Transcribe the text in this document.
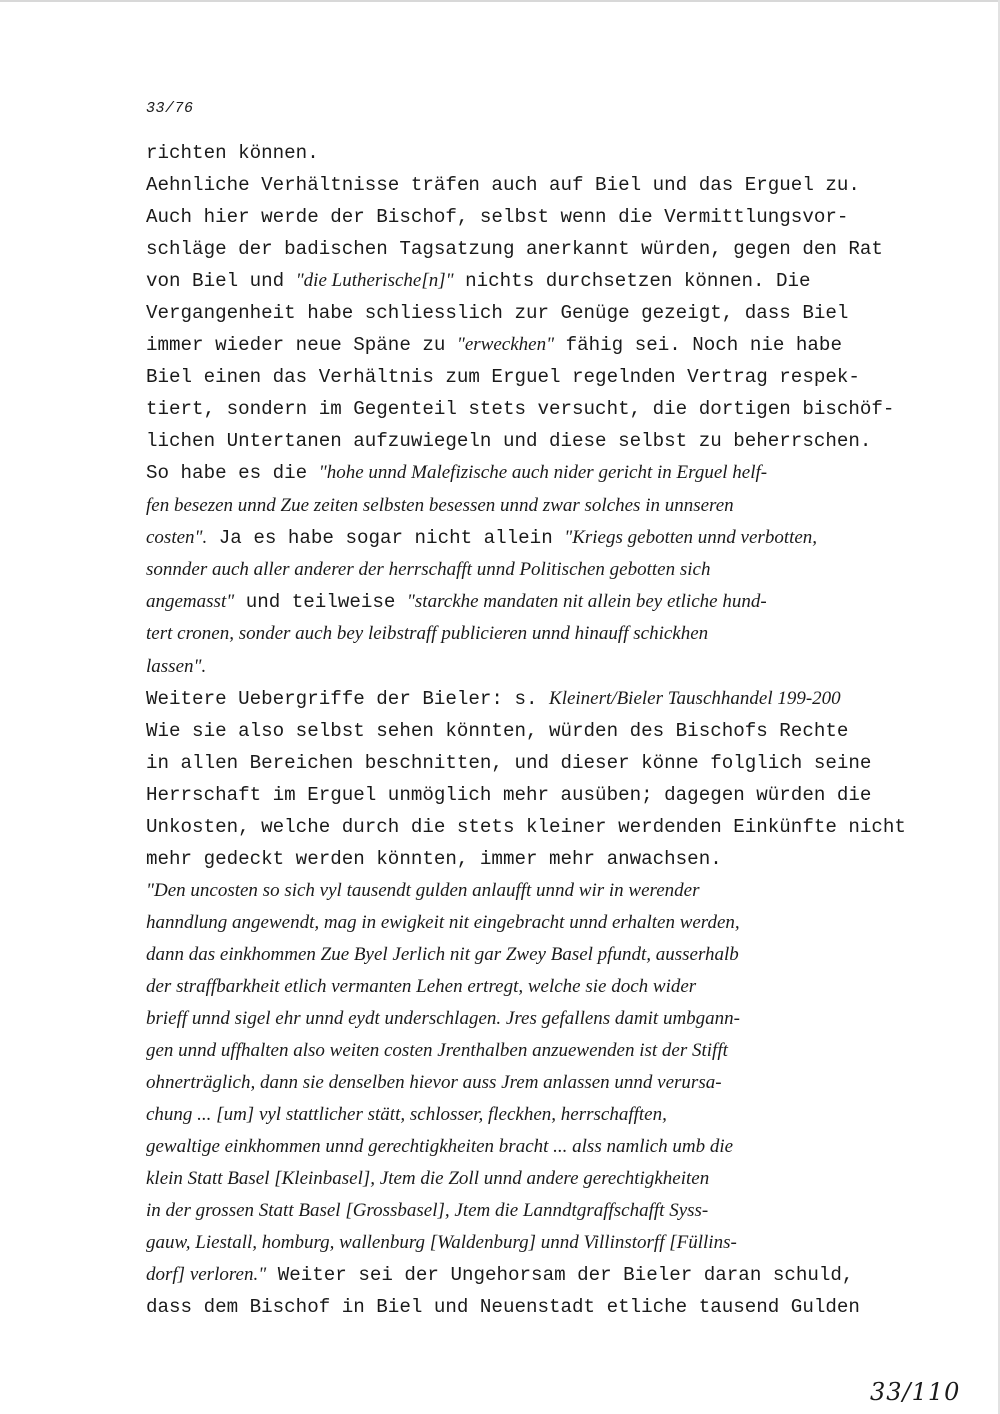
33/76
richten können.
Aehnliche Verhältnisse träfen auch auf Biel und das Erguel zu.
Auch hier werde der Bischof, selbst wenn die Vermittlungsvor-
schläge der badischen Tagsatzung anerkannt würden, gegen den Rat
von Biel und "die Lutherische[n]" nichts durchsetzen können. Die
Vergangenheit habe schliesslich zur Genüge gezeigt, dass Biel
immer wieder neue Späne zu "erweckhen" fähig sei. Noch nie habe
Biel einen das Verhältnis zum Erguel regelnden Vertrag respek-
tiert, sondern im Gegenteil stets versucht, die dortigen bischöf-
lichen Untertanen aufzuwiegeln und diese selbst zu beherrschen.
So habe es die "hohe unnd Malefizische auch nider gericht in Erguel helf-
fen besezen unnd Zue zeiten selbsten besessen unnd zwar solches in unnseren
costen". Ja es habe sogar nicht allein "Kriegs gebotten unnd verbotten,
sonnder auch aller anderer der herrschafft unnd Politischen gebotten sich
angemasst" und teilweise "starckhe mandaten nit allein bey etliche hund-
tert cronen, sonder auch bey leibstraff publicieren unnd hinauff schickhen
lassen".
Weitere Uebergriffe der Bieler: s. Kleinert/Bieler Tauschhandel 199-200
Wie sie also selbst sehen könnten, würden des Bischofs Rechte
in allen Bereichen beschnitten, und dieser könne folglich seine
Herrschaft im Erguel unmöglich mehr ausüben; dagegen würden die
Unkosten, welche durch die stets kleiner werdenden Einkünfte nicht
mehr gedeckt werden könnten, immer mehr anwachsen.
"Den uncosten so sich vyl tausendt gulden anlaufft unnd wir in werender
hanndlung angewendt, mag in ewigkeit nit eingebracht unnd erhalten werden,
dann das einkhommen Zue Byel Jerlich nit gar Zwey Basel pfundt, ausserhalb
der straffbarkheit etlich vermanten Lehen ertregt, welche sie doch wider
brieff unnd sigel ehr unnd eydt underschlagen. Jres gefallens damit umbgann-
gen unnd uffhalten also weiten costen Jrenthalben anzuewenden ist der Stifft
ohnerträglich, dann sie denselben hievor auss Jrem anlassen unnd verursa-
chung ... [um] vyl stattlicher stätt, schlosser, fleckhen, herrschafften,
gewaltige einkhommen unnd gerechtigkheiten bracht ... alss namlich umb die
klein Statt Basel [Kleinbasel], Jtem die Zoll unnd andere gerechtigkheiten
in der grossen Statt Basel [Grossbasel], Jtem die Lanndtgraffschafft Syss-
gauw, Liestall, homburg, wallenburg [Waldenburg] unnd Villinstorff [Füllins-
dorf] verloren." Weiter sei der Ungehorsam der Bieler daran schuld,
dass dem Bischof in Biel und Neuenstadt etliche tausend Gulden
33/110
